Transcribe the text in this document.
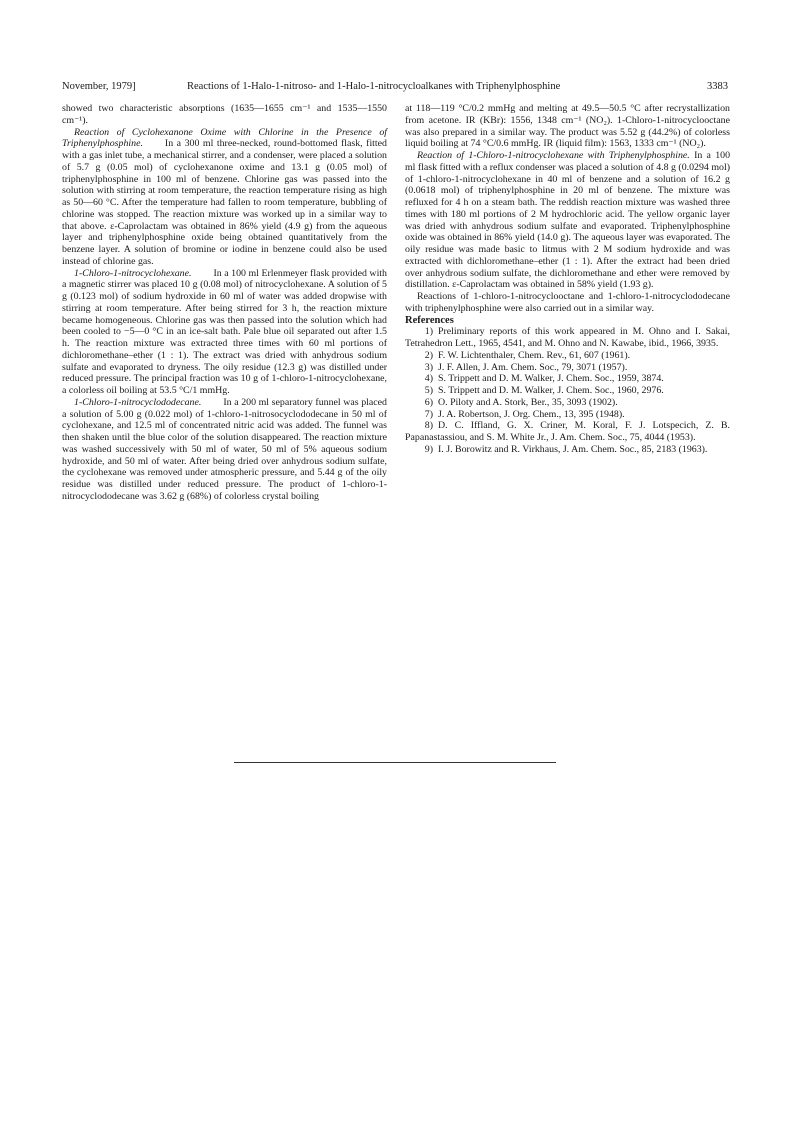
November, 1979]	Reactions of 1-Halo-1-nitroso- and 1-Halo-1-nitrocycloalkanes with Triphenylphosphine	3383

showed two characteristic absorptions (1635—1655 cm⁻¹ and 1535—1550 cm⁻¹).

Reaction of Cyclohexanone Oxime with Chlorine in the Presence of Triphenylphosphine. In a 300 ml three-necked, round-bottomed flask, fitted with a gas inlet tube, a mechanical stirrer, and a condenser, were placed a solution of 5.7 g (0.05 mol) of cyclohexanone oxime and 13.1 g (0.05 mol) of triphenylphosphine in 100 ml of benzene. Chlorine gas was passed into the solution with stirring at room temperature, the reaction temperature rising as high as 50—60 °C. After the temperature had fallen to room temperature, bubbling of chlorine was stopped. The reaction mixture was worked up in a similar way to that above. ε-Caprolactam was obtained in 86% yield (4.9 g) from the aqueous layer and triphenylphosphine oxide being obtained quantitatively from the benzene layer. A solution of bromine or iodine in benzene could also be used instead of chlorine gas.

1-Chloro-1-nitrocyclohexane. In a 100 ml Erlenmeyer flask provided with a magnetic stirrer was placed 10 g (0.08 mol) of nitrocyclohexane. A solution of 5 g (0.123 mol) of sodium hydroxide in 60 ml of water was added dropwise with stirring at room temperature. After being stirred for 3 h, the reaction mixture became homogeneous. Chlorine gas was then passed into the solution which had been cooled to −5—0 °C in an ice-salt bath. Pale blue oil separated out after 1.5 h. The reaction mixture was extracted three times with 60 ml portions of dichloromethane–ether (1 : 1). The extract was dried with anhydrous sodium sulfate and evaporated to dryness. The oily residue (12.3 g) was distilled under reduced pressure. The principal fraction was 10 g of 1-chloro-1-nitrocyclohexane, a colorless oil boiling at 53.5 °C/1 mmHg.

1-Chloro-1-nitrocyclododecane. In a 200 ml separatory funnel was placed a solution of 5.00 g (0.022 mol) of 1-chloro-1-nitrosocyclododecane in 50 ml of cyclohexane, and 12.5 ml of concentrated nitric acid was added. The funnel was then shaken until the blue color of the solution disappeared. The reaction mixture was washed successively with 50 ml of water, 50 ml of 5% aqueous sodium hydroxide, and 50 ml of water. After being dried over anhydrous sodium sulfate, the cyclohexane was removed under atmospheric pressure, and 5.44 g of the oily residue was distilled under reduced pressure. The product of 1-chloro-1-nitrocyclododecane was 3.62 g (68%) of colorless crystal boiling

at 118—119 °C/0.2 mmHg and melting at 49.5—50.5 °C after recrystallization from acetone. IR (KBr): 1556, 1348 cm⁻¹ (NO₂). 1-Chloro-1-nitrocyclooctane was also prepared in a similar way. The product was 5.52 g (44.2%) of colorless liquid boiling at 74 °C/0.6 mmHg. IR (liquid film): 1563, 1333 cm⁻¹ (NO₂).

Reaction of 1-Chloro-1-nitrocyclohexane with Triphenylphosphine. In a 100 ml flask fitted with a reflux condenser was placed a solution of 4.8 g (0.0294 mol) of 1-chloro-1-nitrocyclohexane in 40 ml of benzene and a solution of 16.2 g (0.0618 mol) of triphenylphosphine in 20 ml of benzene. The mixture was refluxed for 4 h on a steam bath. The reddish reaction mixture was washed three times with 180 ml portions of 2 M hydrochloric acid. The yellow organic layer was dried with anhydrous sodium sulfate and evaporated. Triphenylphosphine oxide was obtained in 86% yield (14.0 g). The aqueous layer was evaporated. The oily residue was made basic to litmus with 2 M sodium hydroxide and was extracted with dichloromethane–ether (1 : 1). After the extract had been dried over anhydrous sodium sulfate, the dichloromethane and ether were removed by distillation. ε-Caprolactam was obtained in 58% yield (1.93 g).

Reactions of 1-chloro-1-nitrocyclooctane and 1-chloro-1-nitrocyclododecane with triphenylphosphine were also carried out in a similar way.

References

1) Preliminary reports of this work appeared in M. Ohno and I. Sakai, Tetrahedron Lett., 1965, 4541, and M. Ohno and N. Kawabe, ibid., 1966, 3935.

2) F. W. Lichtenthaler, Chem. Rev., 61, 607 (1961).

3) J. F. Allen, J. Am. Chem. Soc., 79, 3071 (1957).

4) S. Trippett and D. M. Walker, J. Chem. Soc., 1959, 3874.

5) S. Trippett and D. M. Walker, J. Chem. Soc., 1960, 2976.

6) O. Piloty and A. Stork, Ber., 35, 3093 (1902).

7) J. A. Robertson, J. Org. Chem., 13, 395 (1948).

8) D. C. Iffland, G. X. Criner, M. Koral, F. J. Lotspecich, Z. B. Papanastassiou, and S. M. White Jr., J. Am. Chem. Soc., 75, 4044 (1953).

9) I. J. Borowitz and R. Virkhaus, J. Am. Chem. Soc., 85, 2183 (1963).
